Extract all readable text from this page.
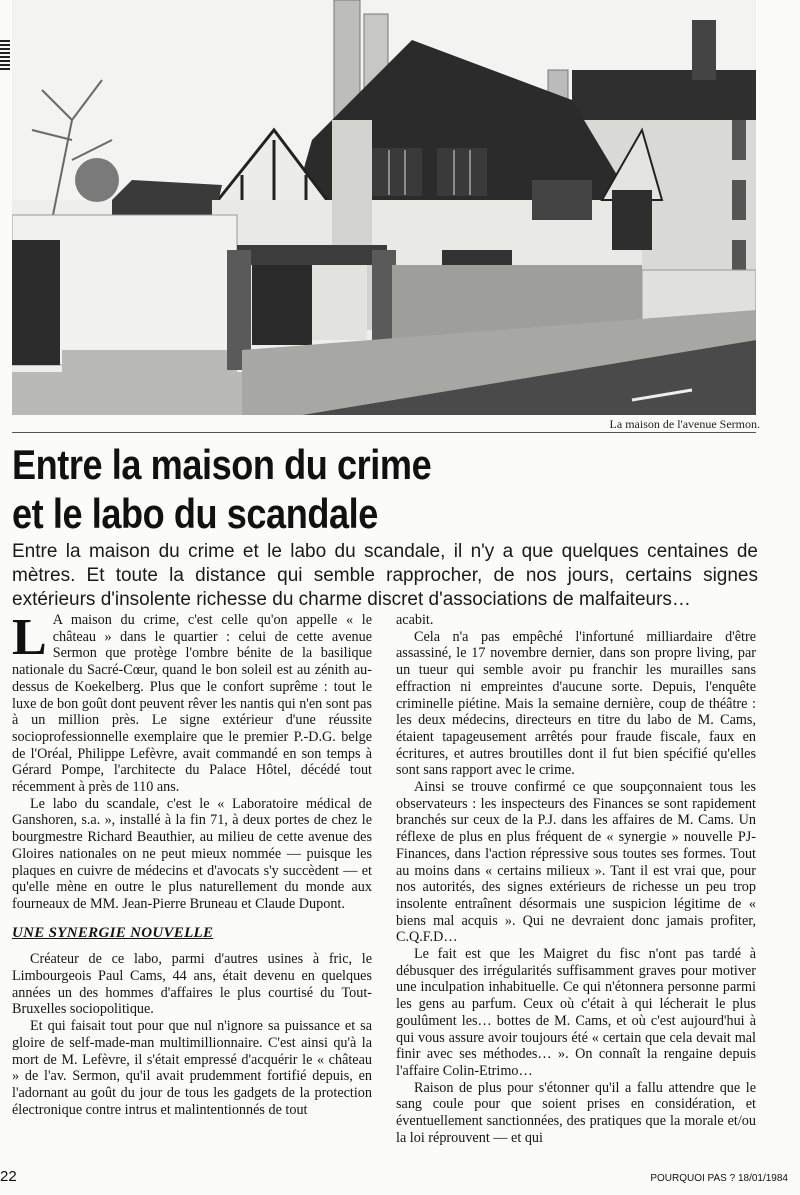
La maison de l'avenue Sermon.
Entre la maison du crime
et le labo du scandale

Entre la maison du crime et le labo du scandale, il n'y a que quelques centaines de mètres. Et toute la distance qui semble rapprocher, de nos jours, certains signes extérieurs d'insolente richesse du charme discret d'associations de malfaiteurs…

L A maison du crime, c'est celle qu'on appelle « le château » dans le quartier : celui de cette avenue Sermon que protège l'ombre bénite de la basilique nationale du Sacré-Cœur, quand le bon soleil est au zénith au-dessus de Koekelberg. Plus que le confort suprême : tout le luxe de bon goût dont peuvent rêver les nantis qui n'en sont pas à un million près. Le signe extérieur d'une réussite socioprofessionnelle exemplaire que le premier P.-D.G. belge de l'Oréal, Philippe Lefèvre, avait commandé en son temps à Gérard Pompe, l'architecte du Palace Hôtel, décédé tout récemment à près de 110 ans.

Le labo du scandale, c'est le « Laboratoire médical de Ganshoren, s.a. », installé à la fin 71, à deux portes de chez le bourgmestre Richard Beauthier, au milieu de cette avenue des Gloires nationales on ne peut mieux nommée — puisque les plaques en cuivre de médecins et d'avocats s'y succèdent — et qu'elle mène en outre le plus naturellement du monde aux fourneaux de MM. Jean-Pierre Bruneau et Claude Dupont.

UNE SYNERGIE NOUVELLE

Créateur de ce labo, parmi d'autres usines à fric, le Limbourgeois Paul Cams, 44 ans, était devenu en quelques années un des hommes d'affaires le plus courtisé du Tout-Bruxelles sociopolitique.

Et qui faisait tout pour que nul n'ignore sa puissance et sa gloire de self-made-man multimillionnaire. C'est ainsi qu'à la mort de M. Lefèvre, il s'était empressé d'acquérir le « château » de l'av. Sermon, qu'il avait prudemment fortifié depuis, en l'adornant au goût du jour de tous les gadgets de la protection électronique contre intrus et malintentionnés de tout

acabit.

Cela n'a pas empêché l'infortuné milliardaire d'être assassiné, le 17 novembre dernier, dans son propre living, par un tueur qui semble avoir pu franchir les murailles sans effraction ni empreintes d'aucune sorte. Depuis, l'enquête criminelle piétine. Mais la semaine dernière, coup de théâtre : les deux médecins, directeurs en titre du labo de M. Cams, étaient tapageusement arrêtés pour fraude fiscale, faux en écritures, et autres broutilles dont il fut bien spécifié qu'elles sont sans rapport avec le crime.

Ainsi se trouve confirmé ce que soupçonnaient tous les observateurs : les inspecteurs des Finances se sont rapidement branchés sur ceux de la P.J. dans les affaires de M. Cams. Un réflexe de plus en plus fréquent de « synergie » nouvelle PJ-Finances, dans l'action répressive sous toutes ses formes. Tout au moins dans « certains milieux ». Tant il est vrai que, pour nos autorités, des signes extérieurs de richesse un peu trop insolente entraînent désormais une suspicion légitime de « biens mal acquis ». Qui ne devraient donc jamais profiter, C.Q.F.D…

Le fait est que les Maigret du fisc n'ont pas tardé à débusquer des irrégularités suffisamment graves pour motiver une inculpation inhabituelle. Ce qui n'étonnera personne parmi les gens au parfum. Ceux où c'était à qui lécherait le plus goulûment les… bottes de M. Cams, et où c'est aujourd'hui à qui vous assure avoir toujours été « certain que cela devait mal finir avec ses méthodes… ». On connaît la rengaine depuis l'affaire Colin-Etrimo…

Raison de plus pour s'étonner qu'il a fallu attendre que le sang coule pour que soient prises en considération, et éventuellement sanctionnées, des pratiques que la morale et/ou la loi réprouvent — et qui

22	POURQUOI PAS ? 18/01/1984
